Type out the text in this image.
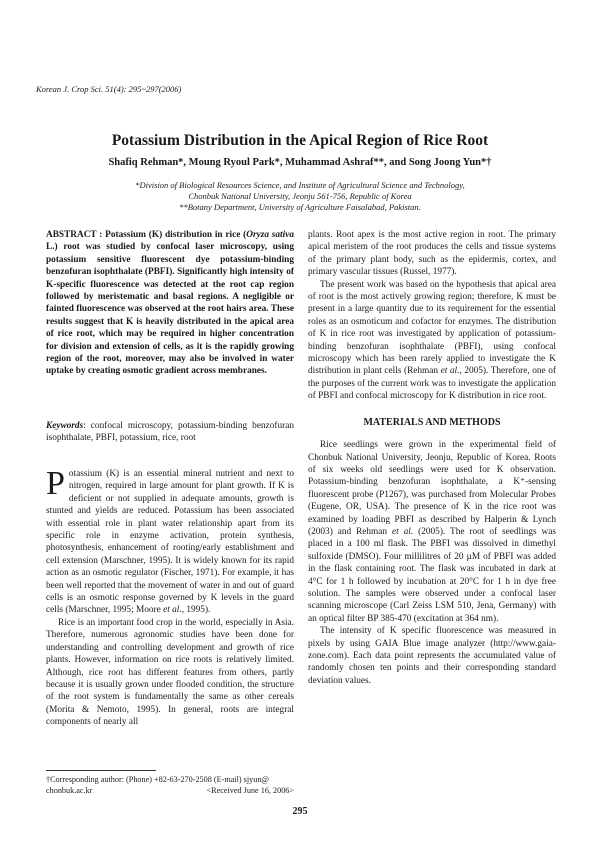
Korean J. Crop Sci. 51(4): 295~297(2006)
Potassium Distribution in the Apical Region of Rice Root
Shafiq Rehman*, Moung Ryoul Park*, Muhammad Ashraf**, and Song Joong Yun*†
*Division of Biological Resources Science, and Institute of Agricultural Science and Technology,
Chonbuk National University, Jeonju 561-756, Republic of Korea
**Botany Department, University of Agriculture Faisalabad, Pakistan.
ABSTRACT : Potassium (K) distribution in rice (Oryza sativa L.) root was studied by confocal laser microscopy, using potassium sensitive fluorescent dye potassium-binding benzofuran isophthalate (PBFI). Significantly high intensity of K-specific fluorescence was detected at the root cap region followed by meristematic and basal regions. A negligible or fainted fluorescence was observed at the root hairs area. These results suggest that K is heavily distributed in the apical area of rice root, which may be required in higher concentration for division and extension of cells, as it is the rapidly growing region of the root, moreover, may also be involved in water uptake by creating osmotic gradient across membranes.
Keywords: confocal microscopy, potassium-binding benzofuran isophthalate, PBFI, potassium, rice, root

Potassium (K) is an essential mineral nutrient and next to nitrogen, required in large amount for plant growth. If K is deficient or not supplied in adequate amounts, growth is stunted and yields are reduced. Potassium has been associated with essential role in plant water relationship apart from its specific role in enzyme activation, protein synthesis, photosynthesis, enhancement of rooting/early establishment and cell extension (Marschner, 1995). It is widely known for its rapid action as an osmotic regulator (Fischer, 1971). For example, it has been well reported that the movement of water in and out of guard cells is an osmotic response governed by K levels in the guard cells (Marschner, 1995; Moore et al., 1995).

Rice is an important food crop in the world, especially in Asia. Therefore, numerous agronomic studies have been done for understanding and controlling development and growth of rice plants. However, information on rice roots is relatively limited. Although, rice root has different features from others, partly because it is usually grown under flooded condition, the structure of the root system is fundamentally the same as other cereals (Morita & Nemoto, 1995). In general, roots are integral components of nearly all

plants. Root apex is the most active region in root. The primary apical meristem of the root produces the cells and tissue systems of the primary plant body, such as the epidermis, cortex, and primary vascular tissues (Russel, 1977).

The present work was based on the hypothesis that apical area of root is the most actively growing region; therefore, K must be present in a large quantity due to its requirement for the essential roles as an osmoticum and cofactor for enzymes. The distribution of K in rice root was investigated by application of potassium-binding benzofuran isophthalate (PBFI), using confocal microscopy which has been rarely applied to investigate the K distribution in plant cells (Rehman et al., 2005). Therefore, one of the purposes of the current work was to investigate the application of PBFI and confocal microscopy for K distribution in rice root.

MATERIALS AND METHODS

Rice seedlings were grown in the experimental field of Chonbuk National University, Jeonju, Republic of Korea. Roots of six weeks old seedlings were used for K observation. Potassium-binding benzofuran isophthalate, a K⁺-sensing fluorescent probe (P1267), was purchased from Molecular Probes (Eugene, OR, USA). The presence of K in the rice root was examined by loading PBFI as described by Halperin & Lynch (2003) and Rehman et al. (2005). The root of seedlings was placed in a 100 ml flask. The PBFI was dissolved in dimethyl sulfoxide (DMSO). Four millilitres of 20 µM of PBFI was added in the flask containing root. The flask was incubated in dark at 4°C for 1 h followed by incubation at 20°C for 1 h in dye free solution. The samples were observed under a confocal laser scanning microscope (Carl Zeiss LSM 510, Jena, Germany) with an optical filter BP 385-470 (excitation at 364 nm).

The intensity of K specific fluorescence was measured in pixels by using GAIA Blue image analyzer (http://www.gaia-zone.com). Each data point represents the accumulated value of randomly chosen ten points and their corresponding standard deviation values.

†Corresponding author: (Phone) +82-63-270-2508 (E-mail) sjyun@
chonbuk.ac.kr	<Received June 16, 2006>
295
